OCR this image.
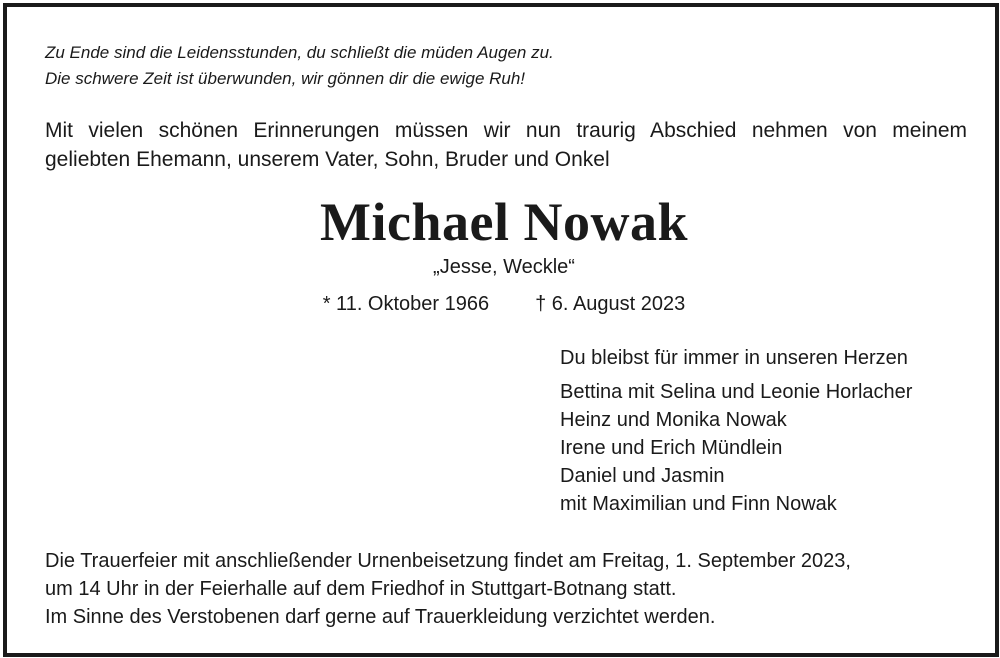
Zu Ende sind die Leidensstunden, du schließt die müden Augen zu.

Die schwere Zeit ist überwunden, wir gönnen dir die ewige Ruh!

Mit vielen schönen Erinnerungen müssen wir nun traurig Abschied nehmen von meinem
geliebten Ehemann, unserem Vater, Sohn, Bruder und Onkel
Michael Nowak

„Jesse, Weckle“

* 11. Oktober 1966 † 6. August 2023

Du bleibst für immer in unseren Herzen

Bettina mit Selina und Leonie Horlacher
Heinz und Monika Nowak
Irene und Erich Mündlein
Daniel und Jasmin
mit Maximilian und Finn Nowak

Die Trauerfeier mit anschließender Urnenbeisetzung findet am Freitag, 1. September 2023,

um 14 Uhr in der Feierhalle auf dem Friedhof in Stuttgart-Botnang statt.

Im Sinne des Verstobenen darf gerne auf Trauerkleidung verzichtet werden.
